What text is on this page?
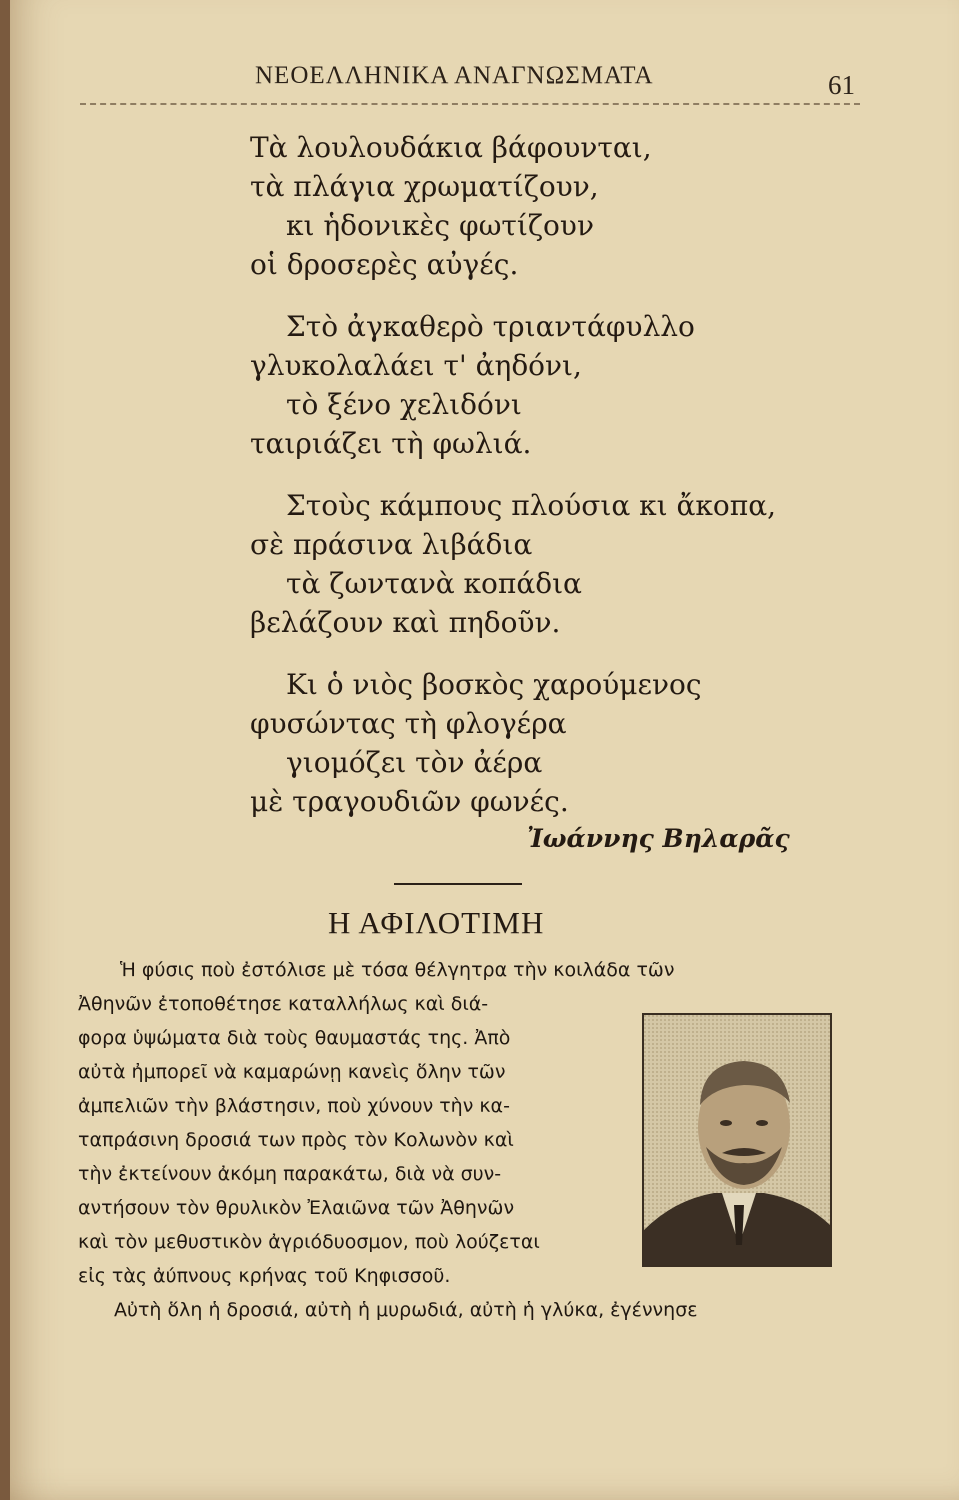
ΝΕΟΕΛΛΗΝΙΚΑ ΑΝΑΓΝΩΣΜΑΤΑ	61
Τὰ λουλουδάκια βάφουνται,
τὰ πλάγια χρωματίζουν,
κι ἡδονικὲς φωτίζουν
οἱ δροσερὲς αὐγές.
Στὸ ἀγκαθερὸ τριαντάφυλλο
γλυκολαλάει τ' ἀηδόνι,
τὸ ξένο χελιδόνι
ταιριάζει τὴ φωλιά.
Στοὺς κάμπους πλούσια κι ἄκοπα,
σὲ πράσινα λιβάδια
τὰ ζωντανὰ κοπάδια
βελάζουν καὶ πηδοῦν.
Κι ὁ νιὸς βοσκὸς χαρούμενος
φυσώντας τὴ φλογέρα
γιομόζει τὸν ἀέρα
μὲ τραγουδιῶν φωνές.
Ἰωάννης Βηλαρᾶς
Η ΑΦΙΛΟΤΙΜΗ
Ἡ φύσις ποὺ ἐστόλισε μὲ τόσα θέλγητρα τὴν κοιλάδα τῶν
Ἀθηνῶν ἐτοποθέτησε καταλλήλως καὶ διά-
φορα ὑψώματα διὰ τοὺς θαυμαστάς της. Ἀπὸ
αὐτὰ ἠμπορεῖ νὰ καμαρώνῃ κανεὶς ὅλην τῶν
ἀμπελιῶν τὴν βλάστησιν, ποὺ χύνουν τὴν κα-
ταπράσινη δροσιά των πρὸς τὸν Κολωνὸν καὶ
τὴν ἐκτείνουν ἀκόμη παρακάτω, διὰ νὰ συν-
αντήσουν τὸν θρυλικὸν Ἐλαιῶνα τῶν Ἀθηνῶν
καὶ τὸν μεθυστικὸν ἀγριόδυοσμον, ποὺ λούζεται
εἰς τὰς ἀύπνους κρήνας τοῦ Κηφισσοῦ.
Αὐτὴ ὅλη ἡ δροσιά, αὐτὴ ἡ μυρωδιά, αὐτὴ ἡ γλύκα, ἐγέννησε
